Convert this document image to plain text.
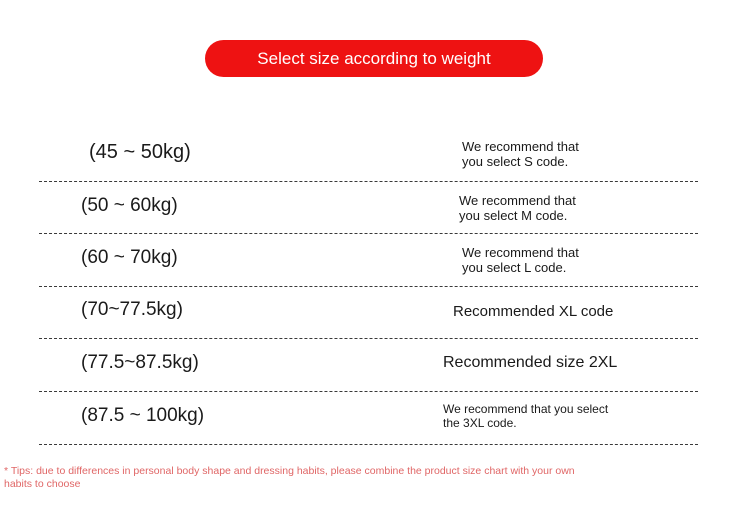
Select size according to weight
(45 ~ 50kg)	We recommend that
you select S code.
(50 ~ 60kg)	We recommend that
you select M code.
(60 ~ 70kg)	We recommend that
you select L code.
(70~77.5kg)	Recommended XL code
(77.5~87.5kg)	Recommended size 2XL
(87.5 ~ 100kg)	We recommend that you select
the 3XL code.
* Tips: due to differences in personal body shape and dressing habits, please combine the product size chart with your own
habits to choose
